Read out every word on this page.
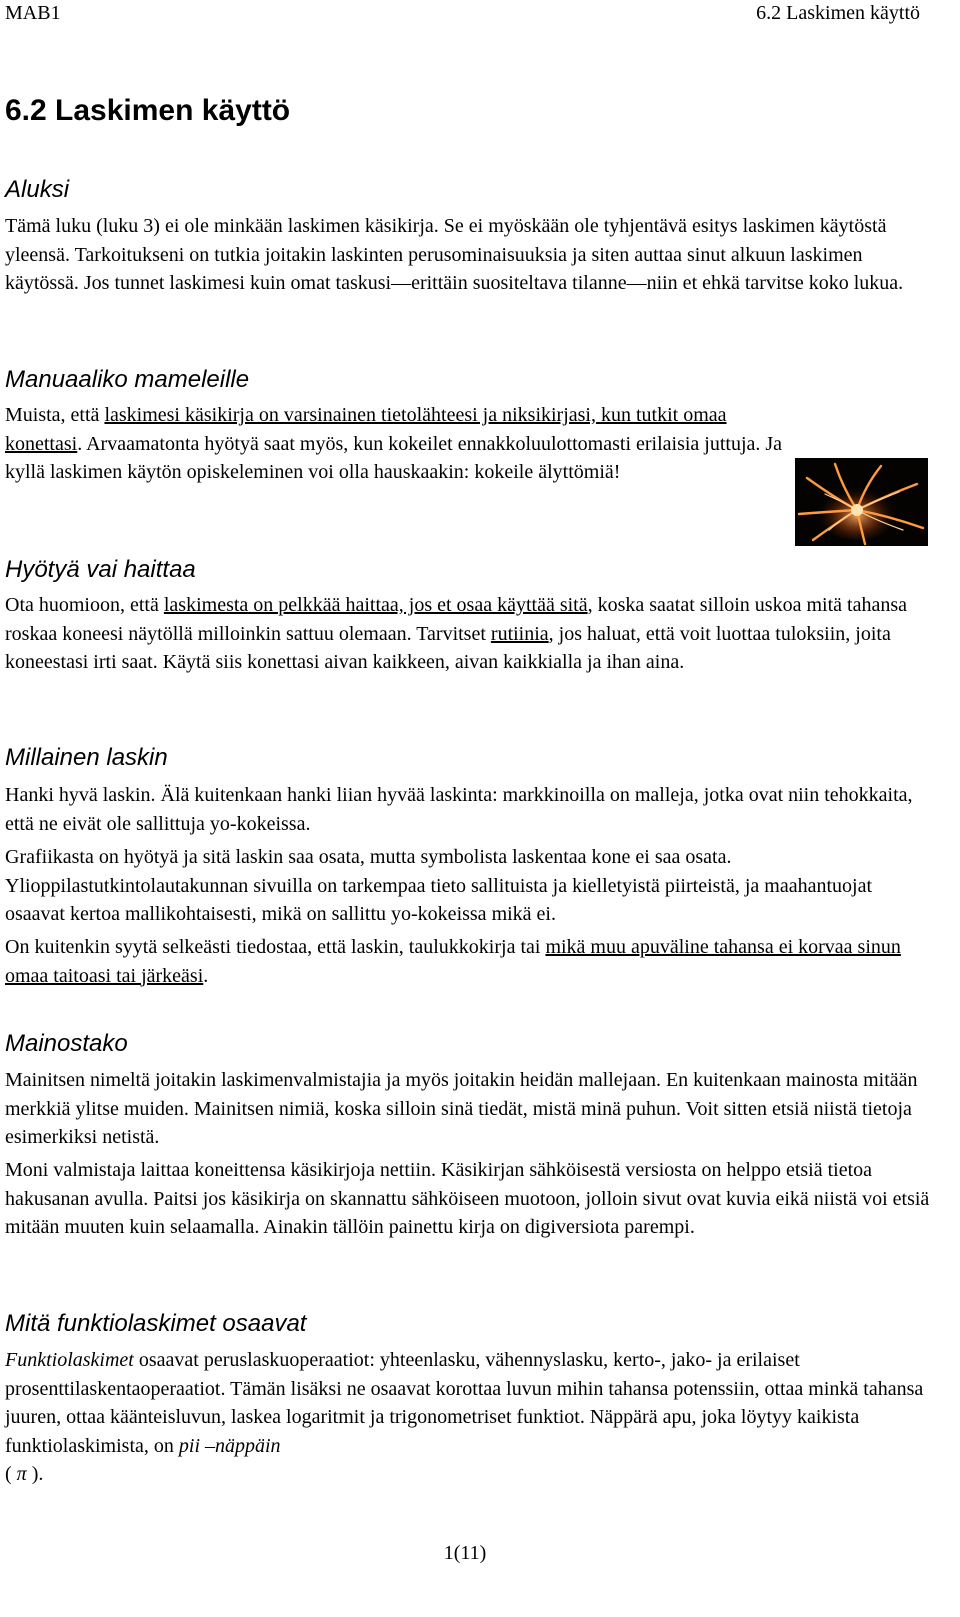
MAB1	6.2 Laskimen käyttö
6.2 Laskimen käyttö
Aluksi

Tämä luku (luku 3) ei ole minkään laskimen käsikirja. Se ei myöskään ole tyhjentävä esitys laskimen käytöstä yleensä. Tarkoitukseni on tutkia joitakin laskinten perusominaisuuksia ja siten auttaa sinut alkuun laskimen käytössä. Jos tunnet laskimesi kuin omat taskusi—erittäin suositeltava tilanne—niin et ehkä tarvitse koko lukua.

Manuaaliko mameleille

Muista, että laskimesi käsikirja on varsinainen tietolähteesi ja niksikirjasi, kun tutkit omaa konettasi. Arvaamatonta hyötyä saat myös, kun kokeilet ennakkoluulottomasti erilaisia juttuja. Ja kyllä laskimen käytön opiskeleminen voi olla hauskaakin: kokeile älyttömiä!

Hyötyä vai haittaa

Ota huomioon, että laskimesta on pelkkää haittaa, jos et osaa käyttää sitä, koska saatat silloin uskoa mitä tahansa roskaa koneesi näytöllä milloinkin sattuu olemaan. Tarvitset rutiinia, jos haluat, että voit luottaa tuloksiin, joita koneestasi irti saat. Käytä siis konettasi aivan kaikkeen, aivan kaikkialla ja ihan aina.

Millainen laskin

Hanki hyvä laskin. Älä kuitenkaan hanki liian hyvää laskinta: markkinoilla on malleja, jotka ovat niin tehokkaita, että ne eivät ole sallittuja yo-kokeissa.

Grafiikasta on hyötyä ja sitä laskin saa osata, mutta symbolista laskentaa kone ei saa osata. Ylioppilastutkintolautakunnan sivuilla on tarkempaa tieto sallituista ja kielletyistä piirteistä, ja maahantuojat osaavat kertoa mallikohtaisesti, mikä on sallittu yo-kokeissa mikä ei.

On kuitenkin syytä selkeästi tiedostaa, että laskin, taulukkokirja tai mikä muu apuväline tahansa ei korvaa sinun omaa taitoasi tai järkeäsi.

Mainostako

Mainitsen nimeltä joitakin laskimenvalmistajia ja myös joitakin heidän mallejaan. En kuitenkaan mainosta mitään merkkiä ylitse muiden. Mainitsen nimiä, koska silloin sinä tiedät, mistä minä puhun. Voit sitten etsiä niistä tietoja esimerkiksi netistä.

Moni valmistaja laittaa koneittensa käsikirjoja nettiin. Käsikirjan sähköisestä versiosta on helppo etsiä tietoa hakusanan avulla. Paitsi jos käsikirja on skannattu sähköiseen muotoon, jolloin sivut ovat kuvia eikä niistä voi etsiä mitään muuten kuin selaamalla. Ainakin tällöin painettu kirja on digiversiota parempi.

Mitä funktiolaskimet osaavat

Funktiolaskimet osaavat peruslaskuoperaatiot: yhteenlasku, vähennyslasku, kerto-, jako- ja erilaiset prosenttilaskentaoperaatiot. Tämän lisäksi ne osaavat korottaa luvun mihin tahansa potenssiin, ottaa minkä tahansa juuren, ottaa käänteisluvun, laskea logaritmit ja trigonometriset funktiot. Näppärä apu, joka löytyy kaikista funktiolaskimista, on pii –näppäin
( π ).

1(11)
